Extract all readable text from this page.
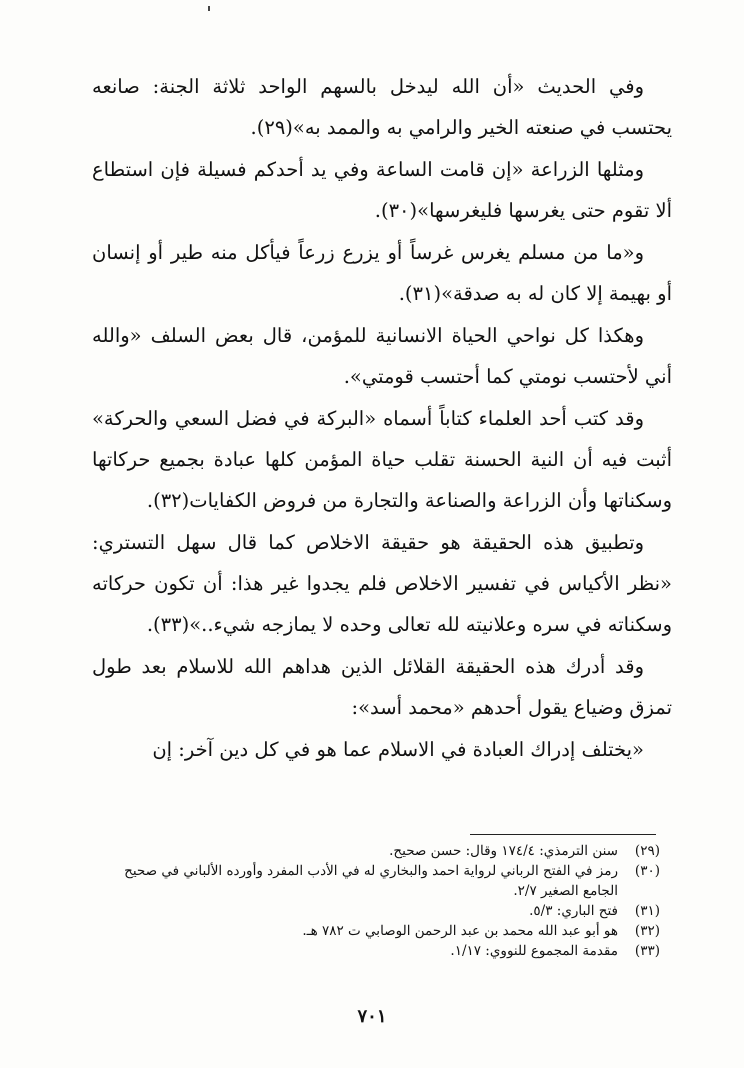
وفي الحديث «أن الله ليدخل بالسهم الواحد ثلاثة الجنة: صانعه يحتسب في صنعته الخير والرامي به والممد به»(٢٩).

ومثلها الزراعة «إن قامت الساعة وفي يد أحدكم فسيلة فإن استطاع ألا تقوم حتى يغرسها فليغرسها»(٣٠).

و«ما من مسلم يغرس غرساً أو يزرع زرعاً فيأكل منه طير أو إنسان أو بهيمة إلا كان له به صدقة»(٣١).

وهكذا كل نواحي الحياة الانسانية للمؤمن، قال بعض السلف «والله أني لأحتسب نومتي كما أحتسب قومتي».

وقد كتب أحد العلماء كتاباً أسماه «البركة في فضل السعي والحركة» أثبت فيه أن النية الحسنة تقلب حياة المؤمن كلها عبادة بجميع حركاتها وسكناتها وأن الزراعة والصناعة والتجارة من فروض الكفايات(٣٢).

وتطبيق هذه الحقيقة هو حقيقة الاخلاص كما قال سهل التستري: «نظر الأكياس في تفسير الاخلاص فلم يجدوا غير هذا: أن تكون حركاته وسكناته في سره وعلانيته لله تعالى وحده لا يمازجه شيء..»(٣٣).

وقد أدرك هذه الحقيقة القلائل الذين هداهم الله للاسلام بعد طول تمزق وضياع يقول أحدهم «محمد أسد»:

«يختلف إدراك العبادة في الاسلام عما هو في كل دين آخر: إن

(٢٩)
سنن الترمذي: ١٧٤/٤ وقال: حسن صحيح.
(٣٠)
رمز في الفتح الرباني لرواية احمد والبخاري له في الأدب المفرد وأورده الألباني في صحيح الجامع الصغير ٢/٧.
(٣١)
فتح الباري: ٥/٣.
(٣٢)
هو أبو عبد الله محمد بن عبد الرحمن الوصابي ت ٧٨٢ هـ.
(٣٣)
مقدمة المجموع للنووي: ١/١٧.
٧٠١
